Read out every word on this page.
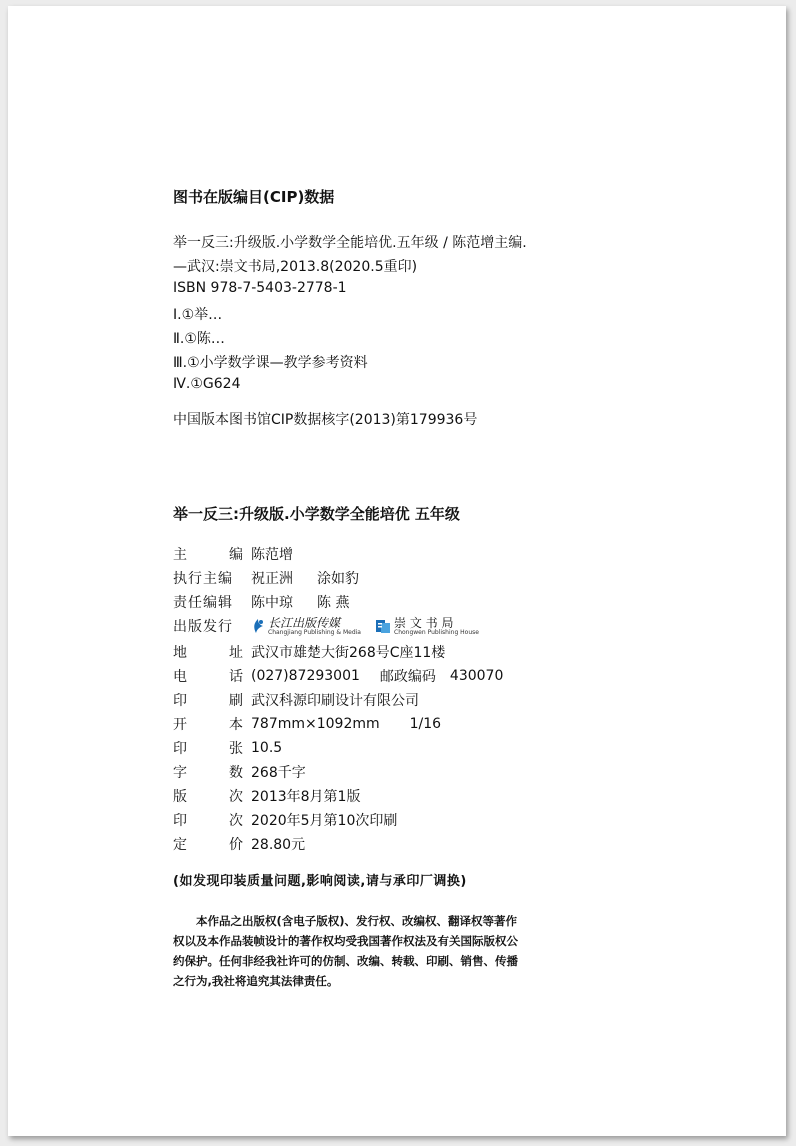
图书在版编目(CIP)数据
举一反三:升级版.小学数学全能培优.五年级 / 陈范增主编.
—武汉:崇文书局,2013.8(2020.5重印)
ISBN 978-7-5403-2778-1
Ⅰ.①举…
Ⅱ.①陈…
Ⅲ.①小学数学课—教学参考资料
Ⅳ.①G624
中国版本图书馆CIP数据核字(2013)第179936号
举一反三:升级版.小学数学全能培优 五年级
主	编 陈范增
执行主编	祝正洲 涂如豹
责任编辑	陈中琼 陈 燕
出版发行	长江出版传媒
Changjiang Publishing & Media
崇 文 书 局
Chongwen Publishing House
地	址 武汉市雄楚大街268号C座11楼
电	话 (027)87293001 邮政编码 430070
印	刷 武汉科源印刷设计有限公司
开	本 787mm×1092mm 1/16
印	张 10.5
字	数 268千字
版	次 2013年8月第1版
印	次 2020年5月第10次印刷
定	价 28.80元
(如发现印装质量问题,影响阅读,请与承印厂调换)
本作品之出版权(含电子版权)、发行权、改编权、翻译权等著作权以及本作品装帧设计的著作权均受我国著作权法及有关国际版权公约保护。任何非经我社许可的仿制、改编、转载、印刷、销售、传播之行为,我社将追究其法律责任。
